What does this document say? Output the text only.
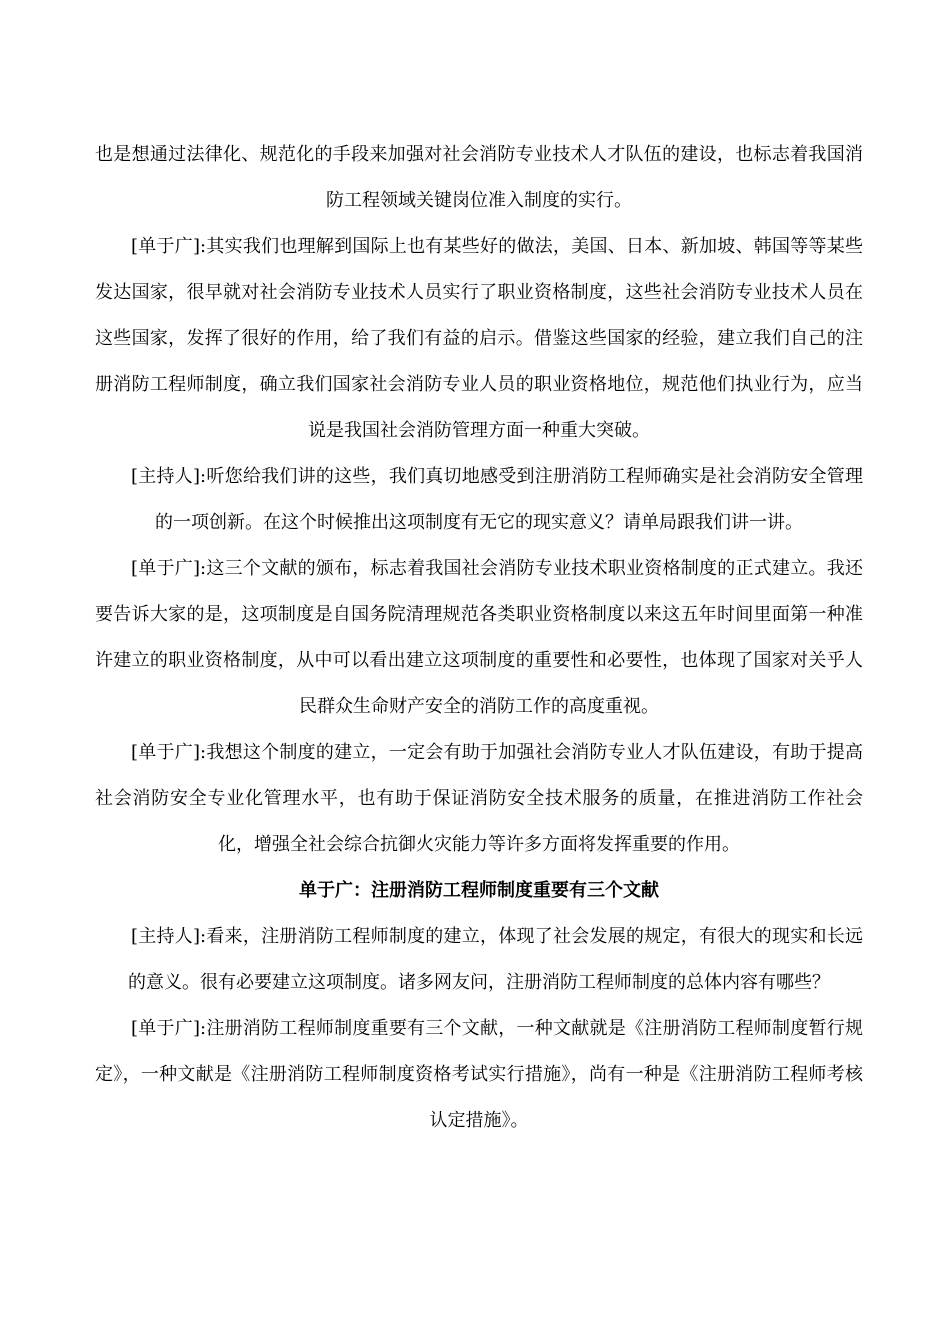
也是想通过法律化、规范化的手段来加强对社会消防专业技术人才队伍的建设，也标志着我国消防工程领域关键岗位准入制度的实行。

[单于广]:其实我们也理解到国际上也有某些好的做法，美国、日本、新加坡、韩国等等某些发达国家，很早就对社会消防专业技术人员实行了职业资格制度，这些社会消防专业技术人员在这些国家，发挥了很好的作用，给了我们有益的启示。借鉴这些国家的经验，建立我们自己的注册消防工程师制度，确立我们国家社会消防专业人员的职业资格地位，规范他们执业行为，应当说是我国社会消防管理方面一种重大突破。

[主持人]:听您给我们讲的这些，我们真切地感受到注册消防工程师确实是社会消防安全管理的一项创新。在这个时候推出这项制度有无它的现实意义？请单局跟我们讲一讲。

[单于广]:这三个文献的颁布，标志着我国社会消防专业技术职业资格制度的正式建立。我还要告诉大家的是，这项制度是自国务院清理规范各类职业资格制度以来这五年时间里面第一种准许建立的职业资格制度，从中可以看出建立这项制度的重要性和必要性，也体现了国家对关乎人民群众生命财产安全的消防工作的高度重视。

[单于广]:我想这个制度的建立，一定会有助于加强社会消防专业人才队伍建设，有助于提高社会消防安全专业化管理水平，也有助于保证消防安全技术服务的质量，在推进消防工作社会化，增强全社会综合抗御火灾能力等许多方面将发挥重要的作用。

单于广：注册消防工程师制度重要有三个文献

[主持人]:看来，注册消防工程师制度的建立，体现了社会发展的规定，有很大的现实和长远的意义。很有必要建立这项制度。诸多网友问，注册消防工程师制度的总体内容有哪些？

[单于广]:注册消防工程师制度重要有三个文献，一种文献就是《注册消防工程师制度暂行规定》，一种文献是《注册消防工程师制度资格考试实行措施》，尚有一种是《注册消防工程师考核认定措施》。
